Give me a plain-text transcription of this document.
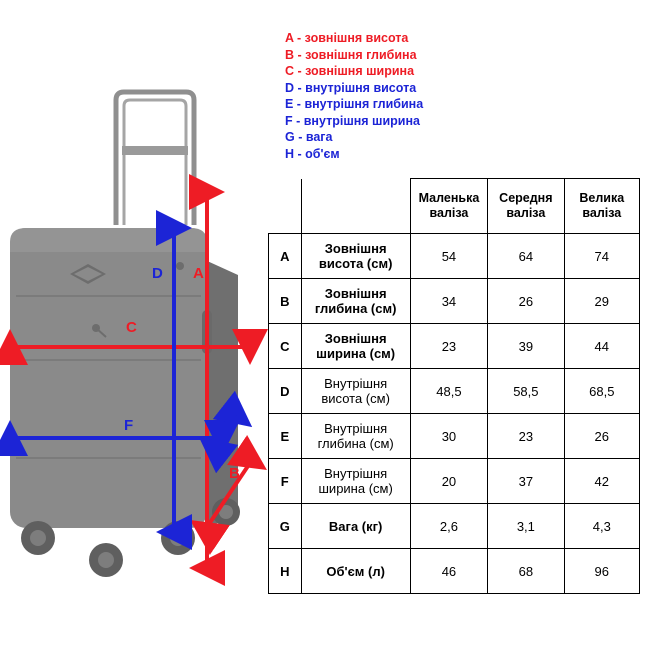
A - зовнішня висота
B - зовнішня глибина
C - зовнішня ширина
D - внутрішня висота
E - внутрішня глибина
F - внутрішня ширина
G - вага
H - об'єм
A
B
C
D
E
F
		Маленька валіза	Середня валіза	Велика валіза
A	Зовнішня висота (см)	54	64	74
B	Зовнішня глибина (см)	34	26	29
C	Зовнішня ширина (см)	23	39	44
D	Внутрішня висота (см)	48,5	58,5	68,5
E	Внутрішня глибина (см)	30	23	26
F	Внутрішня ширина (см)	20	37	42
G	Вага (кг)	2,6	3,1	4,3
H	Об'єм (л)	46	68	96
